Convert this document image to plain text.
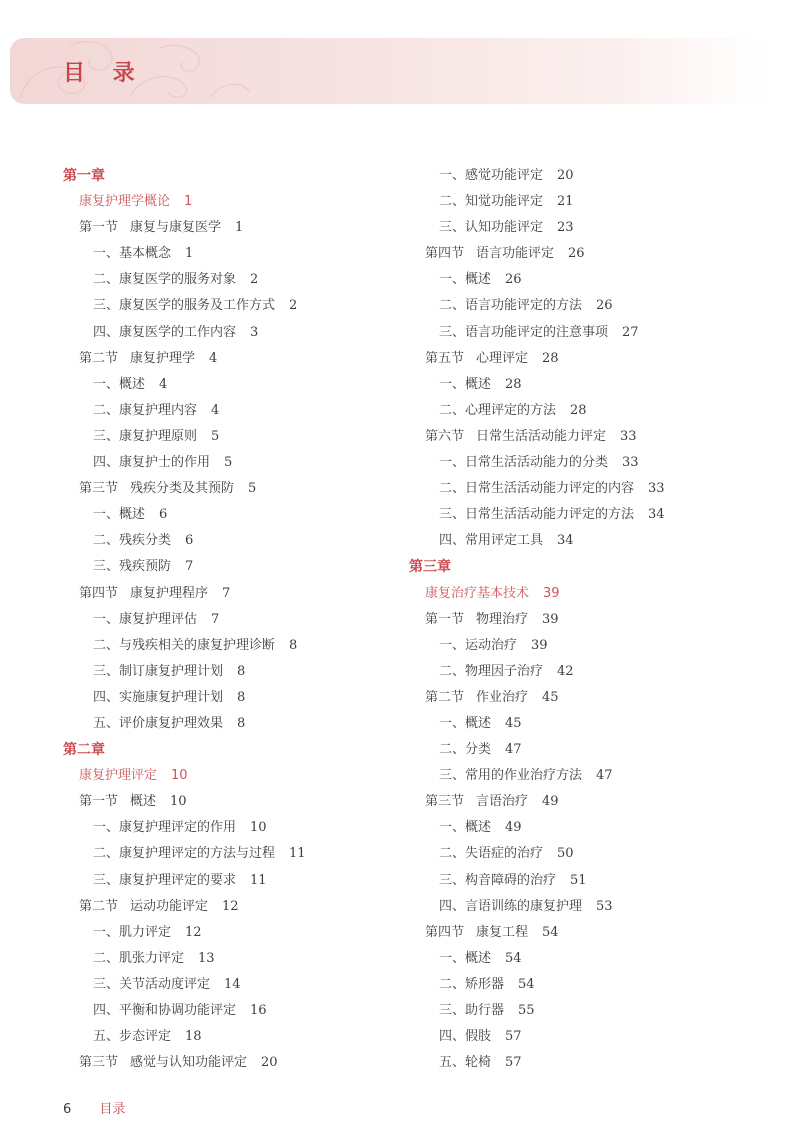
目 录
第一章
康复护理学概论 1
第一节 康复与康复医学 1
一、基本概念 1
二、康复医学的服务对象 2
三、康复医学的服务及工作方式 2
四、康复医学的工作内容 3
第二节 康复护理学 4
一、概述 4
二、康复护理内容 4
三、康复护理原则 5
四、康复护士的作用 5
第三节 残疾分类及其预防 5
一、概述 6
二、残疾分类 6
三、残疾预防 7
第四节 康复护理程序 7
一、康复护理评估 7
二、与残疾相关的康复护理诊断 8
三、制订康复护理计划 8
四、实施康复护理计划 8
五、评价康复护理效果 8
第二章
康复护理评定 10
第一节 概述 10
一、康复护理评定的作用 10
二、康复护理评定的方法与过程 11
三、康复护理评定的要求 11
第二节 运动功能评定 12
一、肌力评定 12
二、肌张力评定 13
三、关节活动度评定 14
四、平衡和协调功能评定 16
五、步态评定 18
第三节 感觉与认知功能评定 20
一、感觉功能评定 20
二、知觉功能评定 21
三、认知功能评定 23
第四节 语言功能评定 26
一、概述 26
二、语言功能评定的方法 26
三、语言功能评定的注意事项 27
第五节 心理评定 28
一、概述 28
二、心理评定的方法 28
第六节 日常生活活动能力评定 33
一、日常生活活动能力的分类 33
二、日常生活活动能力评定的内容 33
三、日常生活活动能力评定的方法 34
四、常用评定工具 34
第三章
康复治疗基本技术 39
第一节 物理治疗 39
一、运动治疗 39
二、物理因子治疗 42
第二节 作业治疗 45
一、概述 45
二、分类 47
三、常用的作业治疗方法 47
第三节 言语治疗 49
一、概述 49
二、失语症的治疗 50
三、构音障碍的治疗 51
四、言语训练的康复护理 53
第四节 康复工程 54
一、概述 54
二、矫形器 54
三、助行器 55
四、假肢 57
五、轮椅 57
6 目录
